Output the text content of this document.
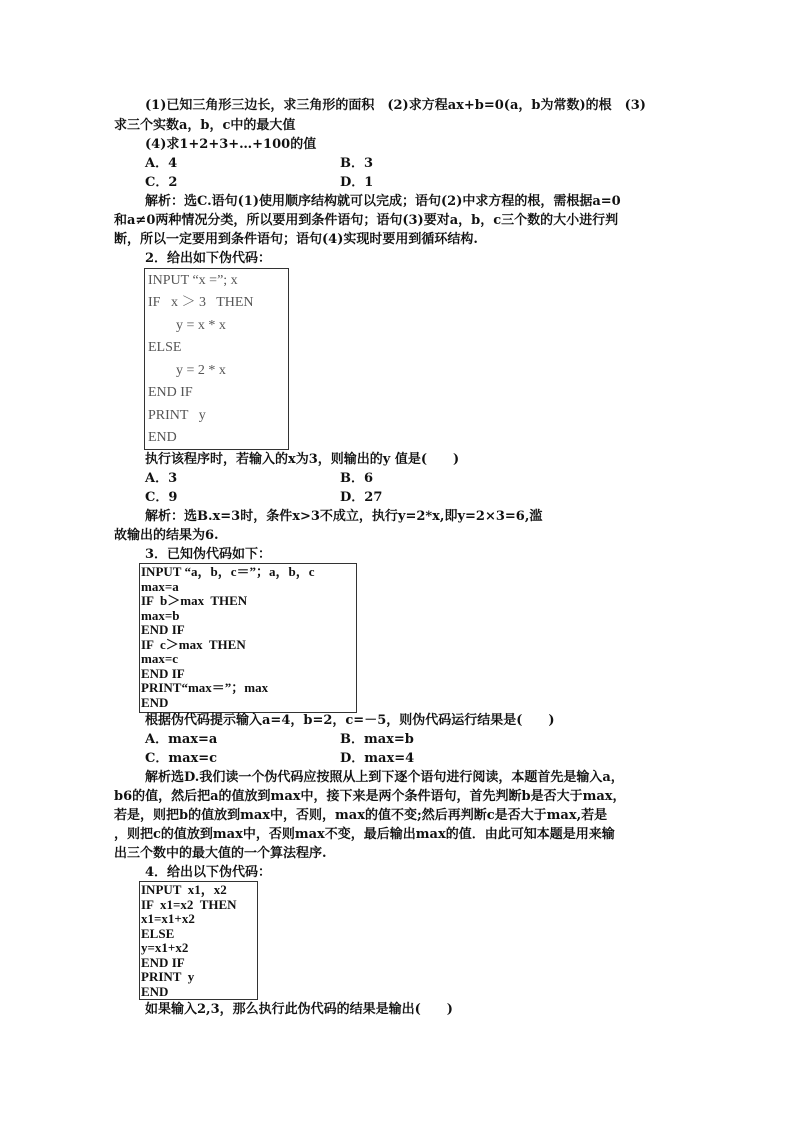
(1)已知三角形三边长，求三角形的面积　(2)求方程ax+b=0(a，b为常数)的根　(3)
求三个实数a，b，c中的最大值
(4)求1+2+3+…+100的值
A．4	B．3
C．2	D．1
解析：选C.语句(1)使用顺序结构就可以完成；语句(2)中求方程的根，需根据a=0
和a≠0两种情况分类，所以要用到条件语句；语句(3)要对a，b，c三个数的大小进行判
断，所以一定要用到条件语句；语句(4)实现时要用到循环结构.
2．给出如下伪代码：
INPUT “x =”; x
IF   x ＞ 3   THEN
y = x * x
ELSE
y = 2 * x
END IF
PRINT   y
END
执行该程序时，若输入的x为3，则输出的y 值是(　　)
A．3	B．6
C．9	D．27
解析：选B.x=3时，条件x>3不成立，执行y=2*x,即y=2×3=6,滥
故输出的结果为6.
3．已知伪代码如下：
INPUT “a，b，c＝”；a，b，c
max=a
IF  b＞max  THEN
max=b
END IF
IF  c＞max  THEN
max=c
END IF
PRINT“max＝”；max
END
根据伪代码提示输入a=4，b=2，c=－5，则伪代码运行结果是(　　)
A．max=a	B．max=b
C．max=c	D．max=4
解析选D.我们读一个伪代码应按照从上到下逐个语句进行阅读，本题首先是输入a，
b6的值，然后把a的值放到max中，接下来是两个条件语句，首先判断b是否大于max，
若是，则把b的值放到max中，否则，max的值不变;然后再判断c是否大于max,若是
，则把c的值放到max中，否则max不变，最后输出max的值．由此可知本题是用来输
出三个数中的最大值的一个算法程序.
4．给出以下伪代码：
INPUT  x1，x2
IF  x1=x2  THEN
x1=x1+x2
ELSE
y=x1+x2
END IF
PRINT  y
END
如果输入2,3，那么执行此伪代码的结果是输出(　　)
